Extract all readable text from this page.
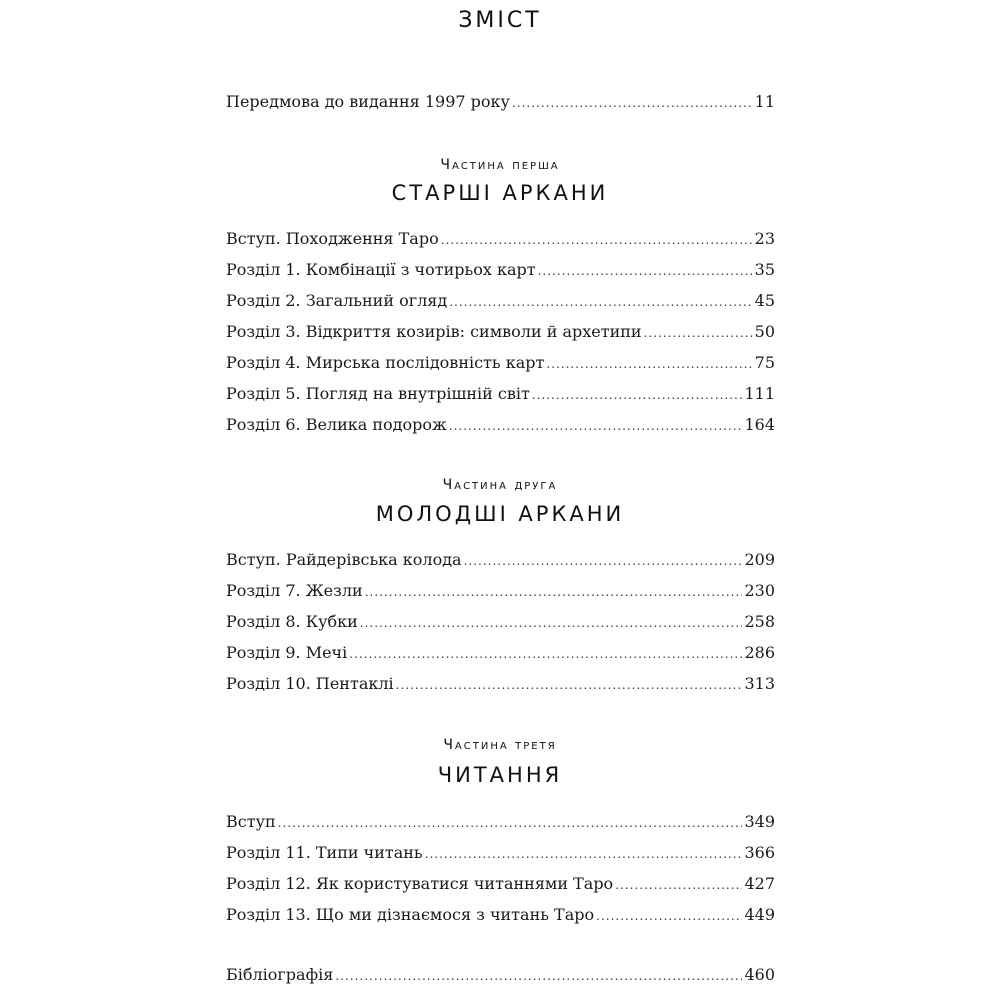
ЗМІСТ
Передмова до видання 1997 року .....	11
Частина перша
СТАРШІ АРКАНИ
Вступ. Походження Таро .....	23
Розділ 1. Комбінації з чотирьох карт .....	35
Розділ 2. Загальний огляд .....	45
Розділ 3. Відкриття козирів: символи й архетипи .....	50
Розділ 4. Мирська послідовність карт .....	75
Розділ 5. Погляд на внутрішній світ .....	111
Розділ 6. Велика подорож .....	164
Частина друга
МОЛОДШІ АРКАНИ
Вступ. Райдерівська колода .....	209
Розділ 7. Жезли .....	230
Розділ 8. Кубки .....	258
Розділ 9. Мечі .....	286
Розділ 10. Пентаклі .....	313
Частина третя
ЧИТАННЯ
Вступ .....	349
Розділ 11. Типи читань .....	366
Розділ 12. Як користуватися читаннями Таро .....	427
Розділ 13. Що ми дізнаємося з читань Таро .....	449
Бібліографія .....	460
